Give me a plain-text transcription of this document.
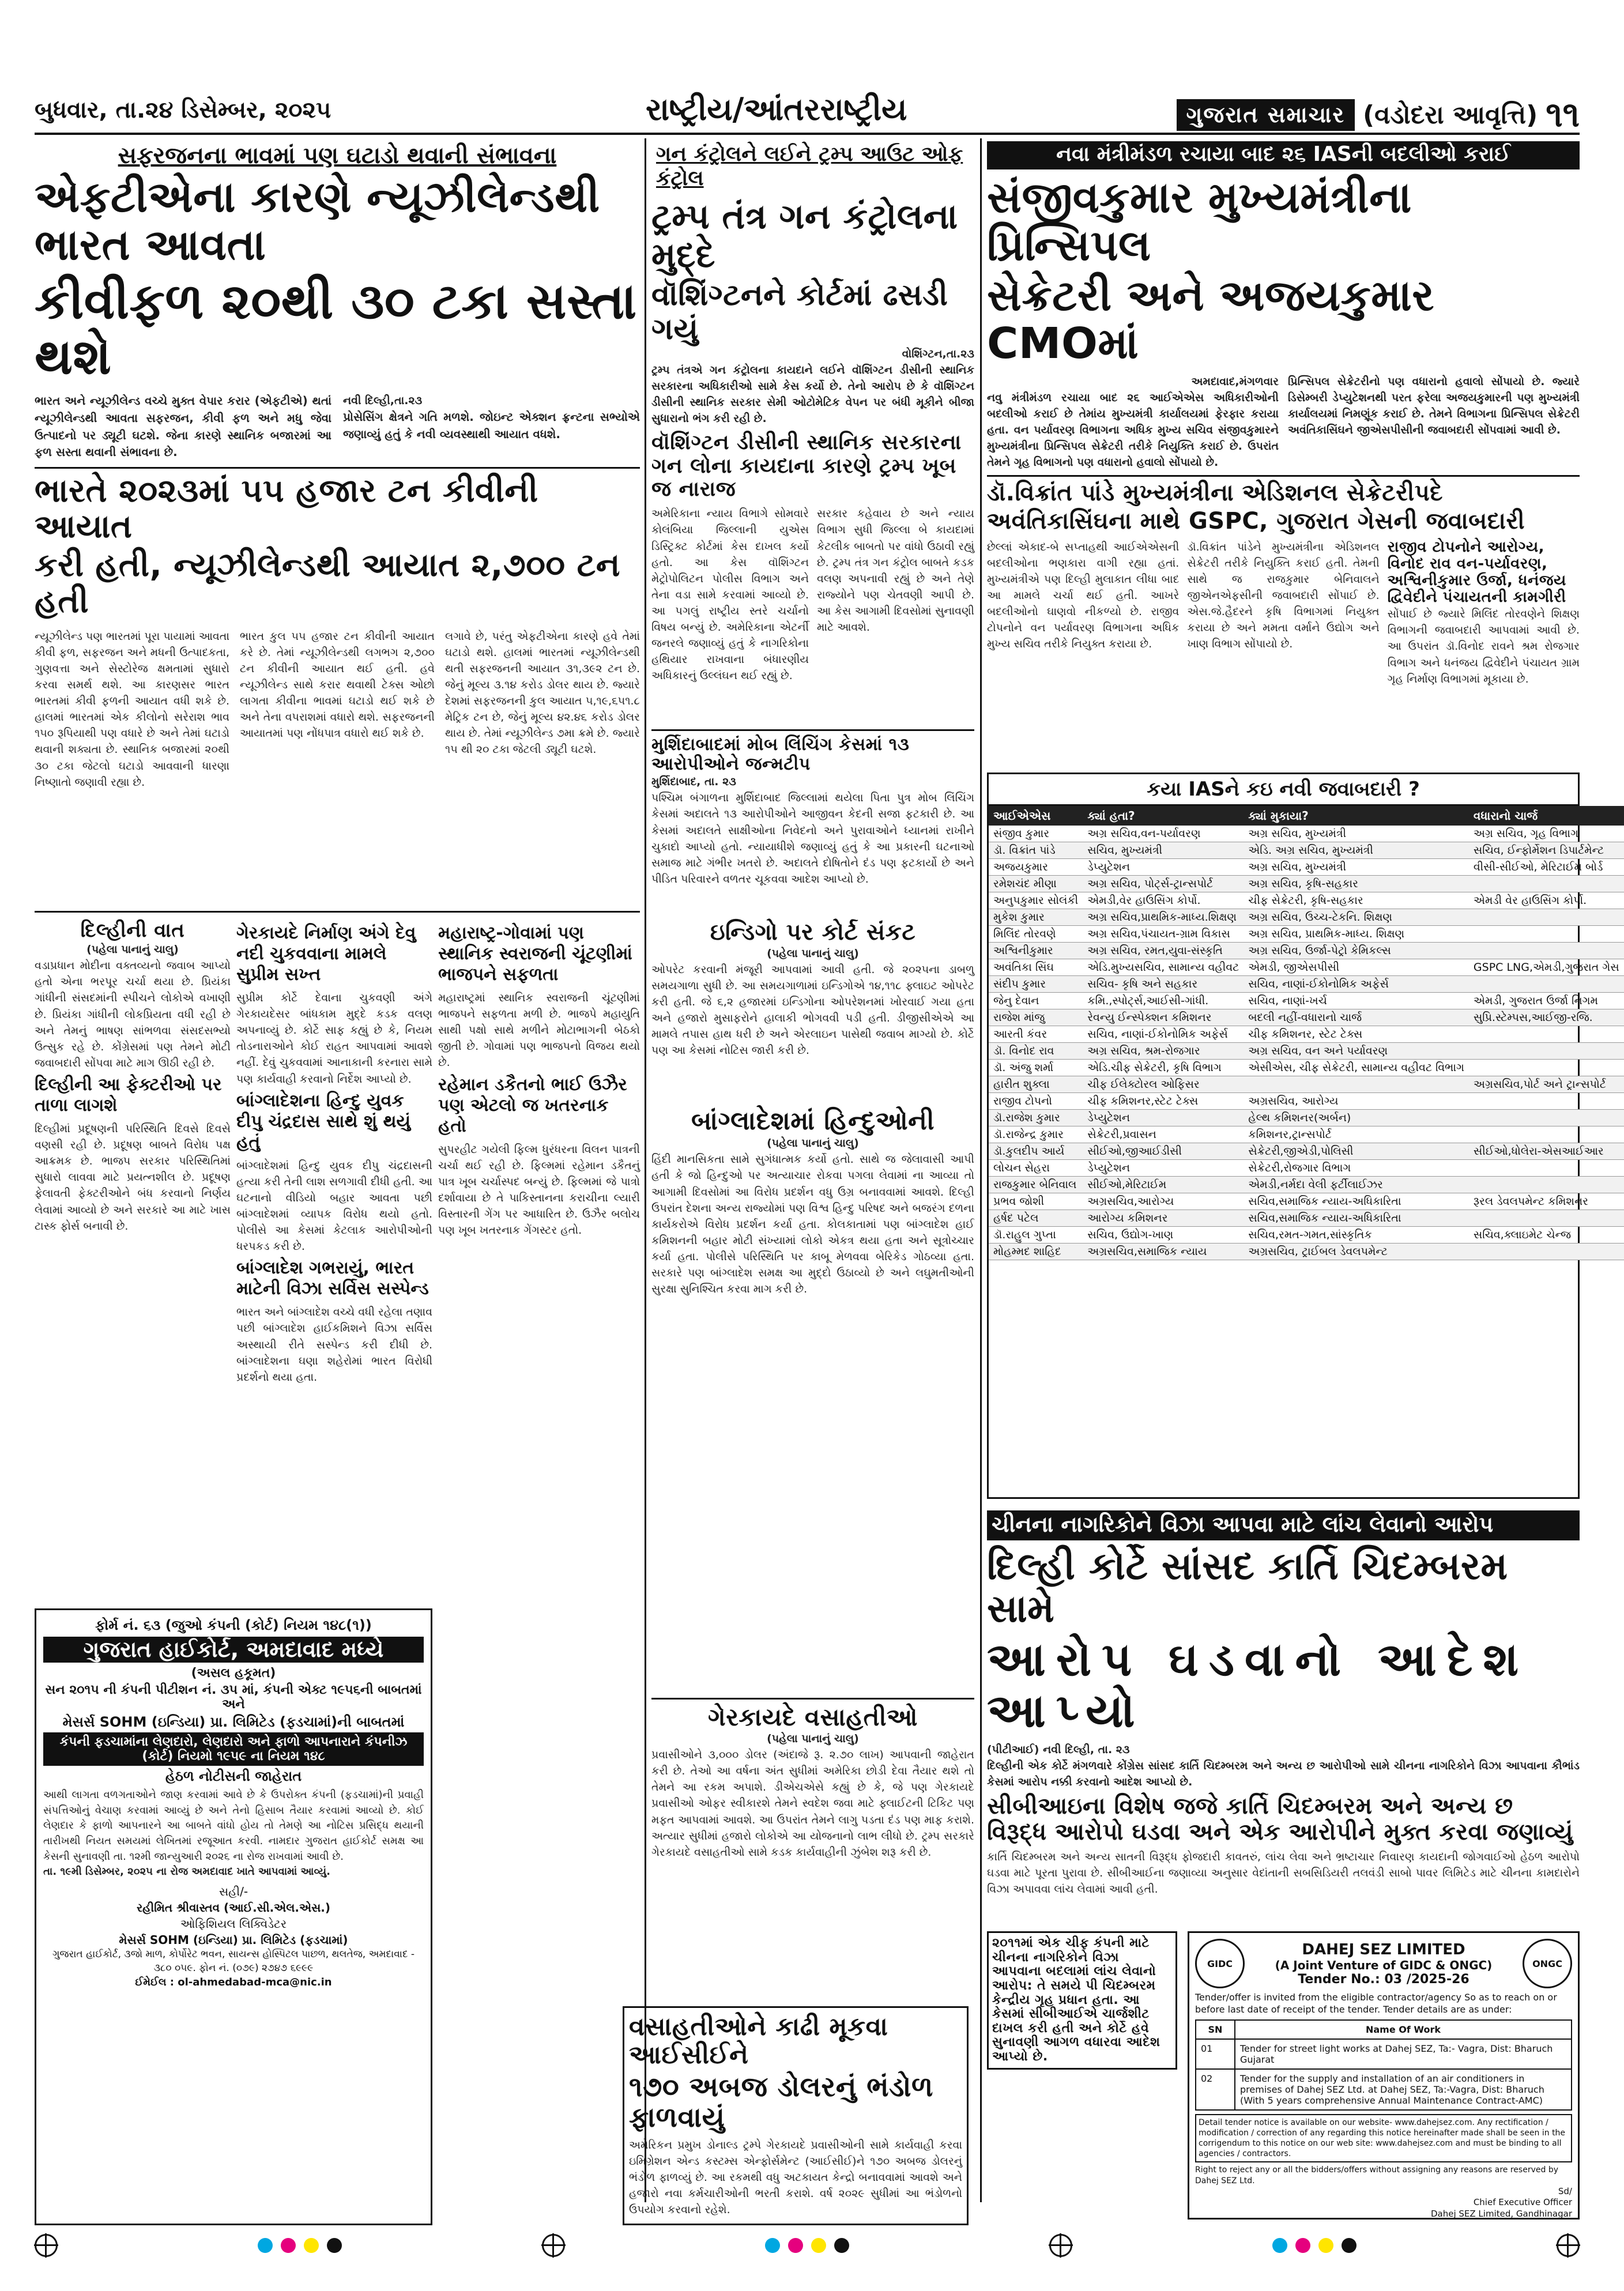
બુધવાર, તા.૨૪ ડિસેમ્બર, ૨૦૨૫	રાષ્ટ્રીય/આંતરરાષ્ટ્રીય	ગુજરાત સમાચાર (વડોદરા આવૃત્તિ) ૧૧
સફરજનના ભાવમાં પણ ઘટાડો થવાની સંભાવના
એફટીએના કારણે ન્યૂઝીલેન્ડથી ભારત આવતા
કીવીફળ ૨૦થી ૩૦ ટકા સસ્તા થશે
ભારત અને ન્યૂઝીલેન્ડ વચ્ચે મુક્ત વેપાર કરાર (એફટીએ) થતાં ન્યૂઝીલેન્ડથી આવતા સફરજન, કીવી ફળ અને મધુ જેવા ઉત્પાદનો પર ડ્યૂટી ઘટશે. જેના કારણે સ્થાનિક બજારમાં આ ફળ સસ્તા થવાની સંભાવના છે.
નવી દિલ્હી,તા.૨૩
પ્રોસેસિંગ ક્ષેત્રને ગતિ મળશે. જોઇન્ટ એક્શન ફ્રન્ટના સભ્યોએ જણાવ્યું હતું કે નવી વ્યવસ્થાથી આયાત વધશે.
ભારતે ૨૦૨૩માં ૫૫ હજાર ટન કીવીની આયાત
કરી હતી, ન્યૂઝીલેન્ડથી આયાત ૨,૭૦૦ ટન હતી
ન્યૂઝીલેન્ડ પણ ભારતમાં પૂરા પાયામાં આવતા કીવી ફળ, સફરજન અને મધની ઉત્પાદકતા, ગુણવત્તા અને સેસ્ટોરેજ ક્ષમતામાં સુધારો કરવા સમર્થ થશે. આ કારણસર ભારત ભારતમાં કીવી ફળની આયાત વધી શકે છે. હાલમાં ભારતમાં એક કીલોનો સરેરાશ ભાવ ૧૫૦ રૂપિયાથી પણ વધારે છે અને તેમાં ઘટાડો થવાની શક્યતા છે. સ્થાનિક બજારમાં ૨૦થી ૩૦ ટકા જેટલો ઘટાડો આવવાની ધારણા નિષ્ણાતો જણાવી રહ્યા છે.
ભારત કુલ ૫૫ હજાર ટન કીવીની આયાત કરે છે. તેમાં ન્યૂઝીલેન્ડથી લગભગ ૨,૭૦૦ ટન કીવીની આયાત થઈ હતી. હવે ન્યૂઝીલેન્ડ સાથે કરાર થવાથી ટેક્સ ઓછો લાગતા કીવીના ભાવમાં ઘટાડો થઈ શકે છે અને તેના વપરાશમાં વધારો થશે. સફરજનની આયાતમાં પણ નોંધપાત્ર વધારો થઈ શકે છે.
લગાવે છે, પરંતુ એફટીએના કારણે હવે તેમાં ઘટાડો થશે. હાલમાં ભારતમાં ન્યૂઝીલેન્ડથી થતી સફરજનની આયાત ૩૧,૩૯૨ ટન છે. જેનું મૂલ્ય ૩.૧૪ કરોડ ડોલર થાય છે. જ્યારે દેશમાં સફરજનની કુલ આયાત ૫,૧૯,૬૫૧.૮ મેટ્રિક ટન છે, જેનું મૂલ્ય ૪૨.૪૬ કરોડ ડોલર થાય છે. તેમાં ન્યૂઝીલેન્ડ ૭મા ક્રમે છે. જ્યારે ૧૫ થી ૨૦ ટકા જેટલી ડ્યૂટી ઘટશે.
ગન કંટ્રોલને લઈને ટ્રમ્પ આઉટ ઓફ કંટ્રોલ
ટ્રમ્પ તંત્ર ગન કંટ્રોલના મુદ્દે
વૉશિંગ્ટનને કોર્ટમાં ઢસડી ગયું
વોશિંગ્ટન,તા.૨૩
ટ્રમ્પ તંત્રએ ગન કંટ્રોલના કાયદાને લઈને વૉશિંગ્ટન ડીસીની સ્થાનિક સરકારના અધિકારીઓ સામે કેસ કર્યો છે. તેનો આરોપ છે કે વૉશિંગ્ટન ડીસીની સ્થાનિક સરકાર સેમી ઓટોમેટિક વેપન પર બંધી મૂકીને બીજા સુધારાનો ભંગ કરી રહી છે.
વૉશિંગ્ટન ડીસીની સ્થાનિક સરકારના ગન લોના કાયદાના કારણે ટ્રમ્પ ખૂબ જ નારાજ
અમેરિકાના ન્યાય વિભાગે સોમવારે કોલંબિયા જિલ્લાની યુએસ ડિસ્ટ્રિક્ટ કોર્ટમાં કેસ દાખલ કર્યો હતો. આ કેસ વૉશિંગ્ટન મેટ્રોપોલિટન પોલીસ વિભાગ અને તેના વડા સામે કરવામાં આવ્યો છે. આ પગલું રાષ્ટ્રીય સ્તરે ચર્ચાનો વિષય બન્યું છે. અમેરિકાના એટર્ની જનરલે જણાવ્યું હતું કે નાગરિકોના હથિયાર રાખવાના બંધારણીય અધિકારનું ઉલ્લંઘન થઈ રહ્યું છે.
સરકાર કહેવાય છે અને ન્યાય વિભાગ સુધી જિલ્લા બે કાયદામાં કેટલીક બાબતો પર વાંધો ઉઠાવી રહ્યું છે. ટ્રમ્પ તંત્ર ગન કંટ્રોલ બાબતે કડક વલણ અપનાવી રહ્યું છે અને તેણે રાજ્યોને પણ ચેતવણી આપી છે. આ કેસ આગામી દિવસોમાં સુનાવણી માટે આવશે.
મુર્શિદાબાદમાં મોબ લિંચિંગ કેસમાં ૧૩ આરોપીઓને જન્મટીપ
મુર્શિદાબાદ, તા. ૨૩
પશ્ચિમ બંગાળના મુર્શિદાબાદ જિલ્લામાં થયેલા પિતા પુત્ર મોબ લિંચિંગ કેસમાં અદાલતે ૧૩ આરોપીઓને આજીવન કેદની સજા ફટકારી છે. આ કેસમાં અદાલતે સાક્ષીઓના નિવેદનો અને પુરાવાઓને ધ્યાનમાં રાખીને ચુકાદો આપ્યો હતો. ન્યાયાધીશે જણાવ્યું હતું કે આ પ્રકારની ઘટનાઓ સમાજ માટે ગંભીર ખતરો છે. અદાલતે દોષિતોને દંડ પણ ફટકાર્યો છે અને પીડિત પરિવારને વળતર ચૂકવવા આદેશ આપ્યો છે.
ઇન્ડિગો પર કોર્ટ સંકટ
(પહેલા પાનાનું ચાલુ)
ઓપરેટ કરવાની મંજૂરી આપવામાં આવી હતી. જે ૨૦૨૫ના ડાબળુ સમયગાળા સુધી છે. આ સમયગાળામાં ઇન્ડિગોએ ૧૪,૧૧૮ ફ્લાઇટ ઓપરેટ કરી હતી. જે ૬,૨ હજારમાં ઇન્ડિગોના ઓપરેશનમાં ખોરવાઈ ગયા હતા અને હજારો મુસાફરોને હાલાકી ભોગવવી પડી હતી. ડીજીસીએએ આ મામલે તપાસ હાથ ધરી છે અને એરલાઇન પાસેથી જવાબ માગ્યો છે. કોર્ટે પણ આ કેસમાં નોટિસ જારી કરી છે.
બાંગ્લાદેશમાં હિન્દુઓની
(પહેલા પાનાનું ચાલુ)
હિંદી માનસિકતા સામે સુગંધાત્મક કર્યો હતો. સાથે જ જેલાવાસી આપી હતી કે જો હિન્દુઓ પર અત્યાચાર રોકવા પગલા લેવામાં ના આવ્યા તો આગામી દિવસોમાં આ વિરોધ પ્રદર્શન વધુ ઉગ્ર બનાવવામાં આવશે. દિલ્હી ઉપરાંત દેશના અન્ય રાજ્યોમાં પણ વિશ્વ હિન્દુ પરિષદ અને બજરંગ દળના કાર્યકરોએ વિરોધ પ્રદર્શન કર્યા હતા. કોલકાતામાં પણ બાંગ્લાદેશ હાઈ કમિશનની બહાર મોટી સંખ્યામાં લોકો એકત્ર થયા હતા અને સૂત્રોચ્ચાર કર્યા હતા. પોલીસે પરિસ્થિતિ પર કાબૂ મેળવવા બેરિકેડ ગોઠવ્યા હતા. સરકારે પણ બાંગ્લાદેશ સમક્ષ આ મુદ્દો ઉઠાવ્યો છે અને લઘુમતીઓની સુરક્ષા સુનિશ્ચિત કરવા માગ કરી છે.
ગેરકાયદે વસાહતીઓ
(પહેલા પાનાનું ચાલુ)
પ્રવાસીઓને ૩,૦૦૦ ડોલર (અંદાજે રૂ. ૨.૭૦ લાખ) આપવાની જાહેરાત કરી છે. તેઓ આ વર્ષના અંત સુધીમાં અમેરિકા છોડી દેવા તૈયાર થશે તો તેમને આ રકમ અપાશે. ડીએચએસે કહ્યું છે કે, જે પણ ગેરકાયદે પ્રવાસીઓ ઓફર સ્વીકારશે તેમને સ્વદેશ જવા માટે ફ્લાઈટની ટિકિટ પણ મફત આપવામાં આવશે. આ ઉપરાંત તેમને લાગુ પડતા દંડ પણ માફ કરાશે. અત્યાર સુધીમાં હજારો લોકોએ આ યોજનાનો લાભ લીધો છે. ટ્રમ્પ સરકારે ગેરકાયદે વસાહતીઓ સામે કડક કાર્યવાહીની ઝુંબેશ શરૂ કરી છે.
વસાહતીઓને કાઢી મૂકવા આઈસીઈને
૧૭૦ અબજ ડોલરનું ભંડોળ ફાળવાયું
અમેરિકન પ્રમુખ ડોનાલ્ડ ટ્રમ્પે ગેરકાયદે પ્રવાસીઓની સામે કાર્યવાહી કરવા ઇમિગ્રેશન એન્ડ કસ્ટમ્સ એન્ફોર્સમેન્ટ (આઈસીઈ)ને ૧૭૦ અબજ ડોલરનું ભંડોળ ફાળવ્યું છે. આ રકમથી વધુ અટકાયત કેન્દ્રો બનાવવામાં આવશે અને હજારો નવા કર્મચારીઓની ભરતી કરાશે. વર્ષ ૨૦૨૯ સુધીમાં આ ભંડોળનો ઉપયોગ કરવાનો રહેશે.
નવા મંત્રીમંડળ રચાયા બાદ ૨૬ IASની બદલીઓ કરાઈ
સંજીવકુમાર મુખ્યમંત્રીના પ્રિન્સિપલ
સેક્રેટરી અને અજયકુમાર CMOમાં
અમદાવાદ,મંગળવાર
નવુ મંત્રીમંડળ રચાયા બાદ ૨૬ આઈએએસ અધિકારીઓની બદલીઓ કરાઈ છે તેમાંય મુખ્યમંત્રી કાર્યાલયમાં ફેરફાર કરાયા હતા. વન પર્યાવરણ વિભાગના અધિક મુખ્ય સચિવ સંજીવકુમારને મુખ્યમંત્રીના પ્રિન્સિપલ સેક્રેટરી તરીકે નિયુક્તિ કરાઈ છે. ઉપરાંત તેમને ગૃહ વિભાગનો પણ વધારાનો હવાલો સોંપાયો છે.
પ્રિન્સિપલ સેક્રેટરીનો પણ વધારાનો હવાલો સોંપાયો છે. જ્યારે ડિસેમ્બરી ડેપ્યુટેશનથી પરત ફરેલા અજયકુમારની પણ મુખ્યમંત્રી કાર્યાલયમાં નિમણૂંક કરાઈ છે. તેમને વિભાગના પ્રિન્સિપલ સેક્રેટરી અવંતિકાસિંઘને જીએસપીસીની જવાબદારી સોંપવામાં આવી છે.
ડૉ.વિક્રાંત પાંડે મુખ્યમંત્રીના એડિશનલ સેક્રેટરીપદે
અવંતિકાસિંઘના માથે GSPC, ગુજરાત ગેસની જવાબદારી
છેલ્લાં એકાદ-બે સપ્તાહથી આઈએએસની બદલીઓના ભણકારા વાગી રહ્યા હતાં. મુખ્યમંત્રીએ પણ દિલ્હી મુલાકાત લીધા બાદ આ મામલે ચર્ચા થઈ હતી. આખરે બદલીઓનો ઘાણવો નીકળ્યો છે. રાજીવ ટોપનોને વન પર્યાવરણ વિભાગના અધિક મુખ્ય સચિવ તરીકે નિયુક્ત કરાયા છે.
ડૉ.વિક્રાંત પાંડેને મુખ્યમંત્રીના એડિશનલ સેક્રેટરી તરીકે નિયુક્તિ કરાઈ હતી. તેમની સાથે જ રાજકુમાર બેનિવાલને જીએનએફસીની જવાબદારી સોંપાઈ છે. એસ.જે.હૈદરને કૃષિ વિભાગમાં નિયુક્ત કરાયા છે અને મમતા વર્માને ઉદ્યોગ અને ખાણ વિભાગ સોંપાયો છે.
રાજીવ ટોપનોને આરોગ્ય, વિનોદ રાવ વન-પર્યાવરણ, અશ્વિનીકુમાર ઉર્જા, ધનંજય દ્વિવેદીને પંચાયતની કામગીરી
સોંપાઈ છે જ્યારે મિલિંદ તોરવણેને શિક્ષણ વિભાગની જવાબદારી આપવામાં આવી છે. આ ઉપરાંત ડૉ.વિનોદ રાવને શ્રમ રોજગાર વિભાગ અને ધનંજય દ્વિવેદીને પંચાયત ગ્રામ ગૃહ નિર્માણ વિભાગમાં મૂકાયા છે.
કયા IASને કઇ નવી જવાબદારી ?
આઈએએસ	ક્યાં હતા?	ક્યાં મુકાયા?	વધારાનો ચાર્જ
સંજીવ કુમાર	અગ્ર સચિવ,વન-પર્યાવરણ	અગ્ર સચિવ, મુખ્યમંત્રી	અગ્ર સચિવ, ગૃહ વિભાગ
ડૉ. વિક્રાંત પાંડે	સચિવ, મુખ્યમંત્રી	એડિ. અગ્ર સચિવ, મુખ્યમંત્રી	સચિવ, ઈન્ફોર્મેશન ડિપાર્ટમેન્ટ
અજયકુમાર	ડેપ્યુટેશન	અગ્ર સચિવ, મુખ્યમંત્રી	વીસી-સીઈઓ, મેરિટાઈમ બોર્ડ
રમેશચંદ મીણા	અગ્ર સચિવ, પોર્ટ્સ-ટ્રાન્સપોર્ટ	અગ્ર સચિવ, કૃષિ-સહકાર	
અનુપકુમાર સોલંકી	એમડી,વેર હાઉસિંગ કોર્પો.	ચીફ સેક્રેટરી, કૃષિ-સહકાર	એમડી વેર હાઉસિંગ કોર્પો.
મુકેશ કુમાર	અગ્ર સચિવ,પ્રાથમિક-માધ્ય.શિક્ષણ	અગ્ર સચિવ, ઉચ્ચ-ટેકનિ. શિક્ષણ	
મિલિંદ તોરવણે	અગ્ર સચિવ,પંચાયત-ગ્રામ વિકાસ	અગ્ર સચિવ, પ્રાથમિક-માધ્ય. શિક્ષણ	
અશ્વિનીકુમાર	અગ્ર સચિવ, રમત,યુવા-સંસ્કૃતિ	અગ્ર સચિવ, ઉર્જા-પેટ્રો કેમિકલ્સ	
અવંતિકા સિંઘ	એડિ.મુખ્યસચિવ, સામાન્ય વહીવટ	એમડી, જીએસપીસી	GSPC LNG,એમડી,ગુજરાત ગેસ
સંદીપ કુમાર	સચિવ- કૃષિ અને સહકાર	સચિવ, નાણાં-ઈકોનોમિક અફેર્સ	
જેનુ દેવાન	કમિ.,સ્પોર્ટ્સ,આઈસી-ગાંધી.	સચિવ, નાણાં-ખર્ચ	એમડી, ગુજરાત ઉર્જા નિગમ
રાજેશ માંજુ	રેવન્યુ ઈન્સ્પેક્શન કમિશનર	બદલી નહીં-વધારાનો ચાર્જ	સુપ્રિ.સ્ટેમ્પસ,આઈજી-રજિ.
આરતી કંવર	સચિવ, નાણાં-ઈકોનોમિક અફેર્સ	ચીફ કમિશનર, સ્ટેટ ટેક્સ	
ડૉ. વિનોદ રાવ	અગ્ર સચિવ, શ્રમ-રોજગાર	અગ્ર સચિવ, વન અને પર્યાવરણ	
ડૉ. અંજુ શર્મા	એડિ.ચીફ સેક્રેટરી, કૃષિ વિભાગ	એસીએસ, ચીફ સેક્રેટરી, સામાન્ય વહીવટ વિભાગ	
હારીત શુક્લા	ચીફ ઈલેક્ટોરલ ઓફિસર		અગ્રસચિવ,પોર્ટ અને ટ્રાન્સપોર્ટ
રાજીવ ટોપનો	ચીફ કમિશનર,સ્ટેટ ટેક્સ	અગ્રસચિવ, આરોગ્ય	
ડૉ.રાજેશ કુમાર	ડેપ્યુટેશન	હેલ્થ કમિશનર(અર્બન)	
ડૉ.રાજેન્દ્ર કુમાર	સેક્રેટરી,પ્રવાસન	કમિશનર,ટ્રાન્સપોર્ટ	
ડૉ.કુલદીપ આર્ય	સીઈઓ,જીઆઈડીસી	સેક્રેટરી,જીએડી,પોલિસી	સીઈઓ,ધોલેરા-એસઆઈઆર
લોચન સેહરા	ડેપ્યુટેશન	સેક્રેટરી,રોજગાર વિભાગ	
રાજકુમાર બેનિવાલ	સીઈઓ,મેરિટાઈમ	એમડી,નર્મદા વેલી ફર્ટીલાઈઝર	
પ્રભવ જોશી	અગ્રસચિવ,આરોગ્ય	સચિવ,સમાજિક ન્યાય-અધિકારિતા	રૂરલ ડેવલપમેન્ટ કમિશનર
હર્ષદ પટેલ	આરોગ્ય કમિશનર	સચિવ,સમાજિક ન્યાય-અધિકારિતા	
ડૉ.રાહુલ ગુપ્તા	સચિવ, ઉદ્યોગ-ખાણ	સચિવ,રમત-ગમત,સાંસ્કૃતિક	સચિવ,ક્લાઇમેટ ચેન્જ
મોહમ્મદ શાહિદ	અગ્રસચિવ,સમાજિક ન્યાય	અગ્રસચિવ, ટ્રાઈબલ ડેવલપમેન્ટ	
ચીનના નાગરિકોને વિઝા આપવા માટે લાંચ લેવાનો આરોપ
દિલ્હી કોર્ટે સાંસદ કાર્તિ ચિદમ્બરમ સામે
આરોપ ઘડવાનો આદેશ આપ્યો
(પીટીઆઈ) નવી દિલ્હી, તા. ૨૩
દિલ્હીની એક કોર્ટે મંગળવારે કોંગ્રેસ સાંસદ કાર્તિ ચિદમ્બરમ અને અન્ય છ આરોપીઓ સામે ચીનના નાગરિકોને વિઝા આપવાના કૌભાંડ કેસમાં આરોપ નક્કી કરવાનો આદેશ આપ્યો છે.
સીબીઆઇના વિશેષ જજે કાર્તિ ચિદમ્બરમ અને અન્ય છ વિરૂદ્ધ આરોપો ઘડવા અને એક આરોપીને મુક્ત કરવા જણાવ્યું
કાર્તિ ચિદમ્બરમ અને અન્ય સાતની વિરૂદ્ધ ફોજદારી કાવતરું, લાંચ લેવા અને ભ્રષ્ટાચાર નિવારણ કાયદાની જોગવાઈઓ હેઠળ આરોપો ઘડવા માટે પૂરતા પુરાવા છે. સીબીઆઈના જણાવ્યા અનુસાર વેદાંતાની સબસિડિયરી તલવંડી સાબો પાવર લિમિટેડ માટે ચીનના કામદારોને વિઝા અપાવવા લાંચ લેવામાં આવી હતી.
૨૦૧૧માં એક ચીફ કંપની માટે ચીનના નાગરિકોને વિઝા આપવાના બદલામાં લાંચ લેવાનો આરોપ: તે સમયે પી ચિદમ્બરમ કેન્દ્રીય ગૃહ પ્રધાન હતા. આ કેસમાં સીબીઆઈએ ચાર્જશીટ દાખલ કરી હતી અને કોર્ટે હવે સુનાવણી આગળ વધારવા આદેશ આપ્યો છે.
GIDC
DAHEJ SEZ LIMITED
(A Joint Venture of GIDC & ONGC)
Tender No.: 03 /2025-26
ONGC
Tender/offer is invited from the eligible contractor/agency So as to reach on or before last date of receipt of the tender. Tender details are as under:
SN	Name Of Work
01	Tender for street light works at Dahej SEZ, Ta:- Vagra, Dist: Bharuch Gujarat
02	Tender for the supply and installation of an air conditioners in premises of Dahej SEZ Ltd. at Dahej SEZ, Ta:-Vagra, Dist: Bharuch (With 5 years comprehensive Annual Maintenance Contract-AMC)
Detail tender notice is available on our website- www.dahejsez.com. Any rectification / modification / correction of any regarding this notice hereinafter made shall be seen in the corrigendum to this notice on our web site: www.dahejsez.com and must be binding to all agencies / contractors.
Right to reject any or all the bidders/offers without assigning any reasons are reserved by Dahej SEZ Ltd.
Sd/
Chief Executive Officer
Dahej SEZ Limited, Gandhinagar
દિલ્હીની વાત
(પહેલા પાનાનું ચાલુ)
વડાપ્રધાન મોદીના વક્તવ્યનો જવાબ આપ્યો હતો એના ભરપૂર ચર્ચા થયા છે. પ્રિયંકા ગાંધીની સંસદમાંની સ્પીચને લોકોએ વખાણી છે. પ્રિયંકા ગાંધીની લોકપ્રિયતા વધી રહી છે અને તેમનું ભાષણ સાંભળવા સંસદસભ્યો ઉત્સુક રહે છે. કોંગ્રેસમાં પણ તેમને મોટી જવાબદારી સોંપવા માટે માગ ઊઠી રહી છે.
દિલ્હીની આ ફેક્ટરીઓ પર તાળા લાગશે
દિલ્હીમાં પ્રદૂષણની પરિસ્થિતિ દિવસે દિવસે વણસી રહી છે. પ્રદૂષણ બાબતે વિરોધ પક્ષ આક્રમક છે. ભાજપ સરકાર પરિસ્થિતિમાં સુધારો લાવવા માટે પ્રયત્નશીલ છે. પ્રદૂષણ ફેલાવતી ફેક્ટરીઓને બંધ કરવાનો નિર્ણય લેવામાં આવ્યો છે અને સરકારે આ માટે ખાસ ટાસ્ક ફોર્સ બનાવી છે.
ગેરકાયદે નિર્માણ અંગે દેવુ નદી ચુકવવાના મામલે સુપ્રીમ સખ્ત
સુપ્રીમ કોર્ટે દેવાના ચુકવણી અંગે ગેરકાયદેસર બાંધકામ મુદ્દે કડક વલણ અપનાવ્યું છે. કોર્ટે સાફ કહ્યું છે કે, નિયમ તોડનારાઓને કોઈ રાહત આપવામાં આવશે નહીં. દેવું ચુકવવામાં આનાકાની કરનારા સામે પણ કાર્યવાહી કરવાનો નિર્દેશ આપ્યો છે.
બાંગ્લાદેશના હિન્દુ યુવક દીપુ ચંદ્રદાસ સાથે શું થયું હતું
બાંગ્લાદેશમાં હિન્દુ યુવક દીપુ ચંદ્રદાસની હત્યા કરી તેની લાશ સળગાવી દીધી હતી. આ ઘટનાનો વીડિયો બહાર આવતા પછી બાંગ્લાદેશમાં વ્યાપક વિરોધ થયો હતો. પોલીસે આ કેસમાં કેટલાક આરોપીઓની ધરપકડ કરી છે.
બાંગ્લાદેશ ગભરાયું, ભારત માટેની વિઝા સર્વિસ સસ્પેન્ડ
ભારત અને બાંગ્લાદેશ વચ્ચે વધી રહેલા તણાવ પછી બાંગ્લાદેશ હાઈકમિશને વિઝા સર્વિસ અસ્થાયી રીતે સસ્પેન્ડ કરી દીધી છે. બાંગ્લાદેશના ઘણા શહેરોમાં ભારત વિરોધી પ્રદર્શનો થયા હતા.
મહારાષ્ટ્ર-ગોવામાં પણ સ્થાનિક સ્વરાજની ચૂંટણીમાં ભાજપને સફળતા
મહારાષ્ટ્રમાં સ્થાનિક સ્વરાજની ચૂંટણીમાં ભાજપને સફળતા મળી છે. ભાજપે મહાયુતિ સાથી પક્ષો સાથે મળીને મોટાભાગની બેઠકો જીતી છે. ગોવામાં પણ ભાજપનો વિજય થયો છે.
રહેમાન ડકૈતનો ભાઈ ઉઝૈર પણ એટલો જ ખતરનાક હતો
સુપરહીટ ગયેલી ફિલ્મ ધુરંધરના વિલન પાત્રની ચર્ચા થઈ રહી છે. ફિલ્મમાં રહેમાન ડકૈતનું પાત્ર ખૂબ ચર્ચાસ્પદ બન્યું છે. ફિલ્મમાં જે પાત્રો દર્શાવાયા છે તે પાકિસ્તાનના કરાચીના લ્યારી વિસ્તારની ગેંગ પર આધારિત છે. ઉઝૈર બલોચ પણ ખૂબ ખતરનાક ગેંગસ્ટર હતો.
ફોર્મ નં. ૬૩ (જુઓ કંપની (કોર્ટ) નિયમ ૧૪૮(૧))
ગુજરાત હાઈકોર્ટ, અમદાવાદ મધ્યે
(અસલ હકૂમત)
સન ૨૦૧૫ ની કંપની પીટીશન નં. ૩૫ માં, કંપની એક્ટ ૧૯૫૬ની બાબતમાં અને
મેસર્સ SOHM (ઇન્ડિયા) પ્રા. લિમિટેડ (ફડચામાં)ની બાબતમાં
કંપની ફડચામાંના લેણદારો, લેણદારો અને ફાળો આપનારાને કંપનીઝ (કોર્ટ) નિયમો ૧૯૫૯ ના નિયમ ૧૪૮
હેઠળ નોટીસની જાહેરાત
આથી લાગતા વળગતાઓને જાણ કરવામાં આવે છે કે ઉપરોક્ત કંપની (ફડચામાં)ની પ્રવાહી સંપત્તિઓનું વેચાણ કરવામાં આવ્યું છે અને તેનો હિસાબ તૈયાર કરવામાં આવ્યો છે. કોઈ લેણદાર કે ફાળો આપનારને આ બાબતે વાંધો હોય તો તેમણે આ નોટિસ પ્રસિદ્ધ થયાની તારીખથી નિયત સમયમાં લેખિતમાં રજૂઆત કરવી. નામદાર ગુજરાત હાઈકોર્ટ સમક્ષ આ કેસની સુનાવણી તા. ૧૨મી જાન્યુઆરી ૨૦૨૬ ના રોજ રાખવામાં આવી છે.
તા. ૧૯મી ડિસેમ્બર, ૨૦૨૫ ના રોજ અમદાવાદ ખાતે આપવામાં આવ્યું.
સહી/-
રહીમિત શ્રીવાસ્તવ (આઈ.સી.એલ.એસ.)
ઓફિશિયલ લિક્વિડેટર
મેસર્સ SOHM (ઇન્ડિયા) પ્રા. લિમિટેડ (ફડચામાં)
ગુજરાત હાઈકોર્ટ, ૩જો માળ, કોર્પોરેટ ભવન, સાયન્સ હોસ્પિટલ પાછળ, થલતેજ, અમદાવાદ - ૩૮૦ ૦૫૯. ફોન નં. (૦૭૯) ૨૭૪૭ ૬૯૯૯
ઈમેઈલ : ol-ahmedabad-mca@nic.in
